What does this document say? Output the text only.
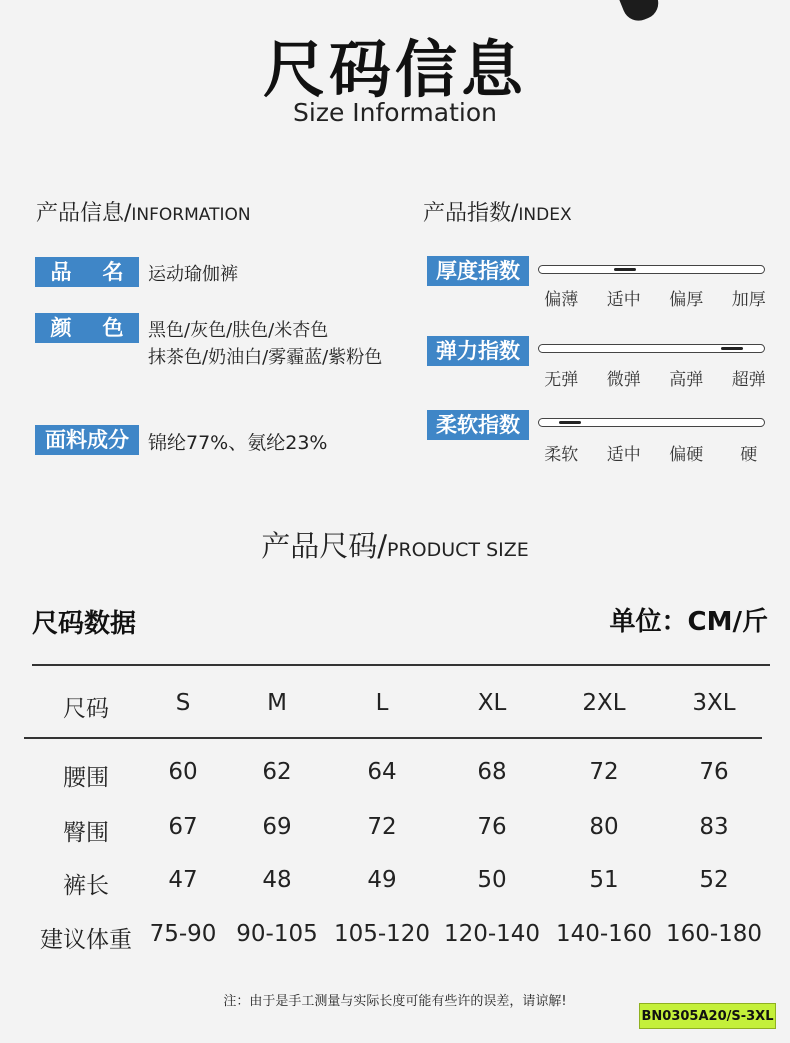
尺码信息
Size Information
产品信息/INFORMATION	产品指数/INDEX
品 名 运动瑜伽裤
颜 色 黑色/灰色/肤色/米杏色
抹茶色/奶油白/雾霾蓝/紫粉色
面料成分	锦纶77%、氨纶23%
厚度指数
偏薄	适中	偏厚	加厚
弹力指数
无弹	微弹	高弹	超弹
柔软指数
柔软	适中	偏硬	硬
产品尺码/PRODUCT SIZE
尺码数据	单位：CM/斤
尺码	S	M	L	XL	2XL	3XL
腰围	60	62	64	68	72	76
臀围	67	69	72	76	80	83
裤长	47	48	49	50	51	52
建议体重 75-90 90-105 105-120 120-140 140-160 160-180
注：由于是手工测量与实际长度可能有些许的误差，请谅解!
BN0305A20/S-3XL
